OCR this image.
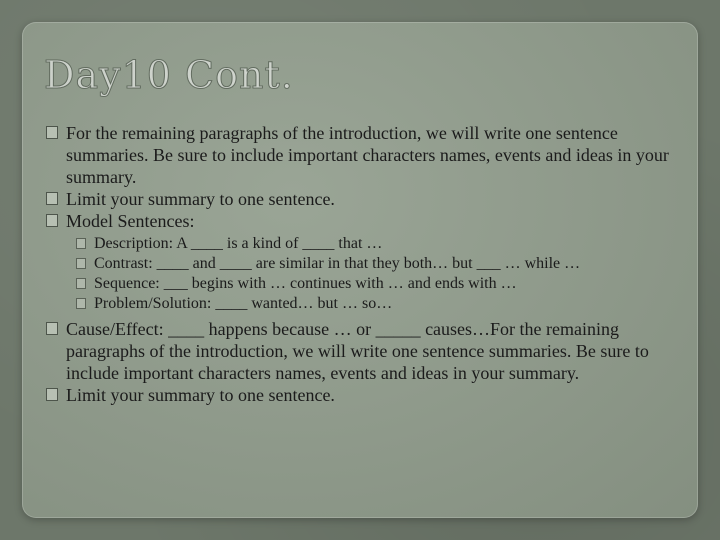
Day10 Cont.
For the remaining paragraphs of the introduction, we will write one sentence summaries. Be sure to include important characters names, events and ideas in your summary.
Limit your summary to one sentence.
Model Sentences:
Description: A ____ is a kind of ____ that …
Contrast: ____ and ____ are similar in that they both… but ___ … while …
Sequence: ___ begins with … continues with … and ends with …
Problem/Solution: ____ wanted… but … so…
Cause/Effect: ____ happens because … or _____ causes…For the remaining paragraphs of the introduction, we will write one sentence summaries. Be sure to include important characters names, events and ideas in your summary.
Limit your summary to one sentence.
